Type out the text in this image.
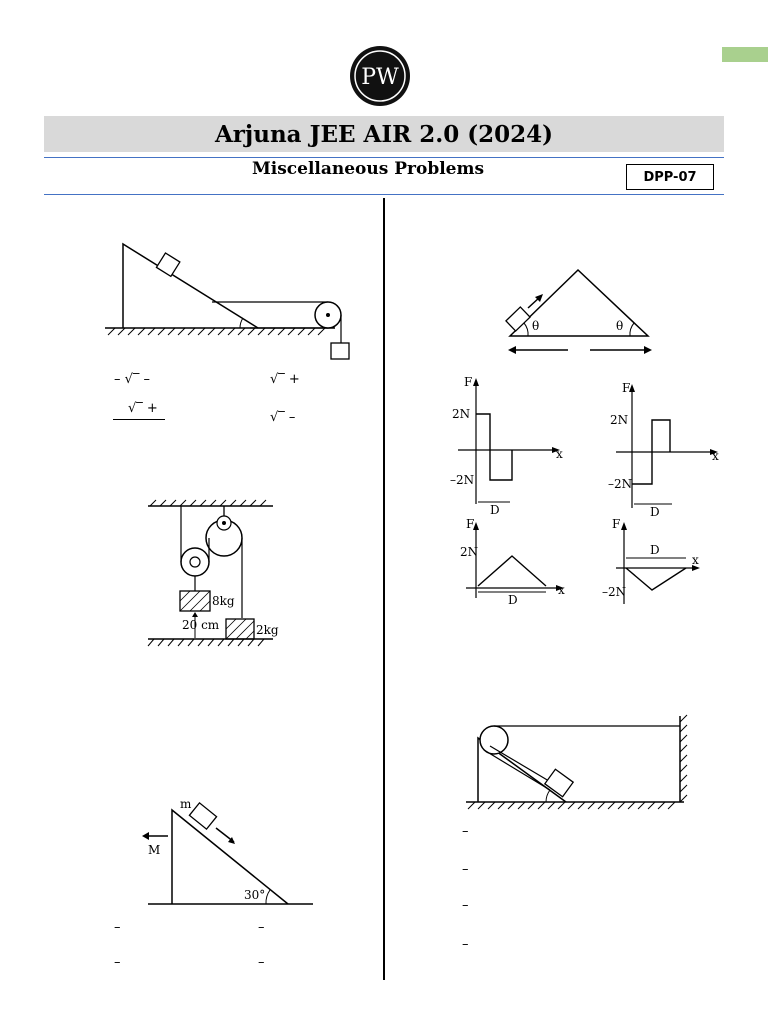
PW
Arjuna JEE AIR 2.0 (2024)
Miscellaneous Problems	DPP-07
– √‾ –	√‾ +
√‾ +
√‾ –
8kg
2kg
20 cm
m
M
30°
–	–
–	–
θ	θ
F
x
2N
–2N
D
F
x
2N
–2N
D
F
x
2N
D
F
x
–2N
D
–
–
–
–
